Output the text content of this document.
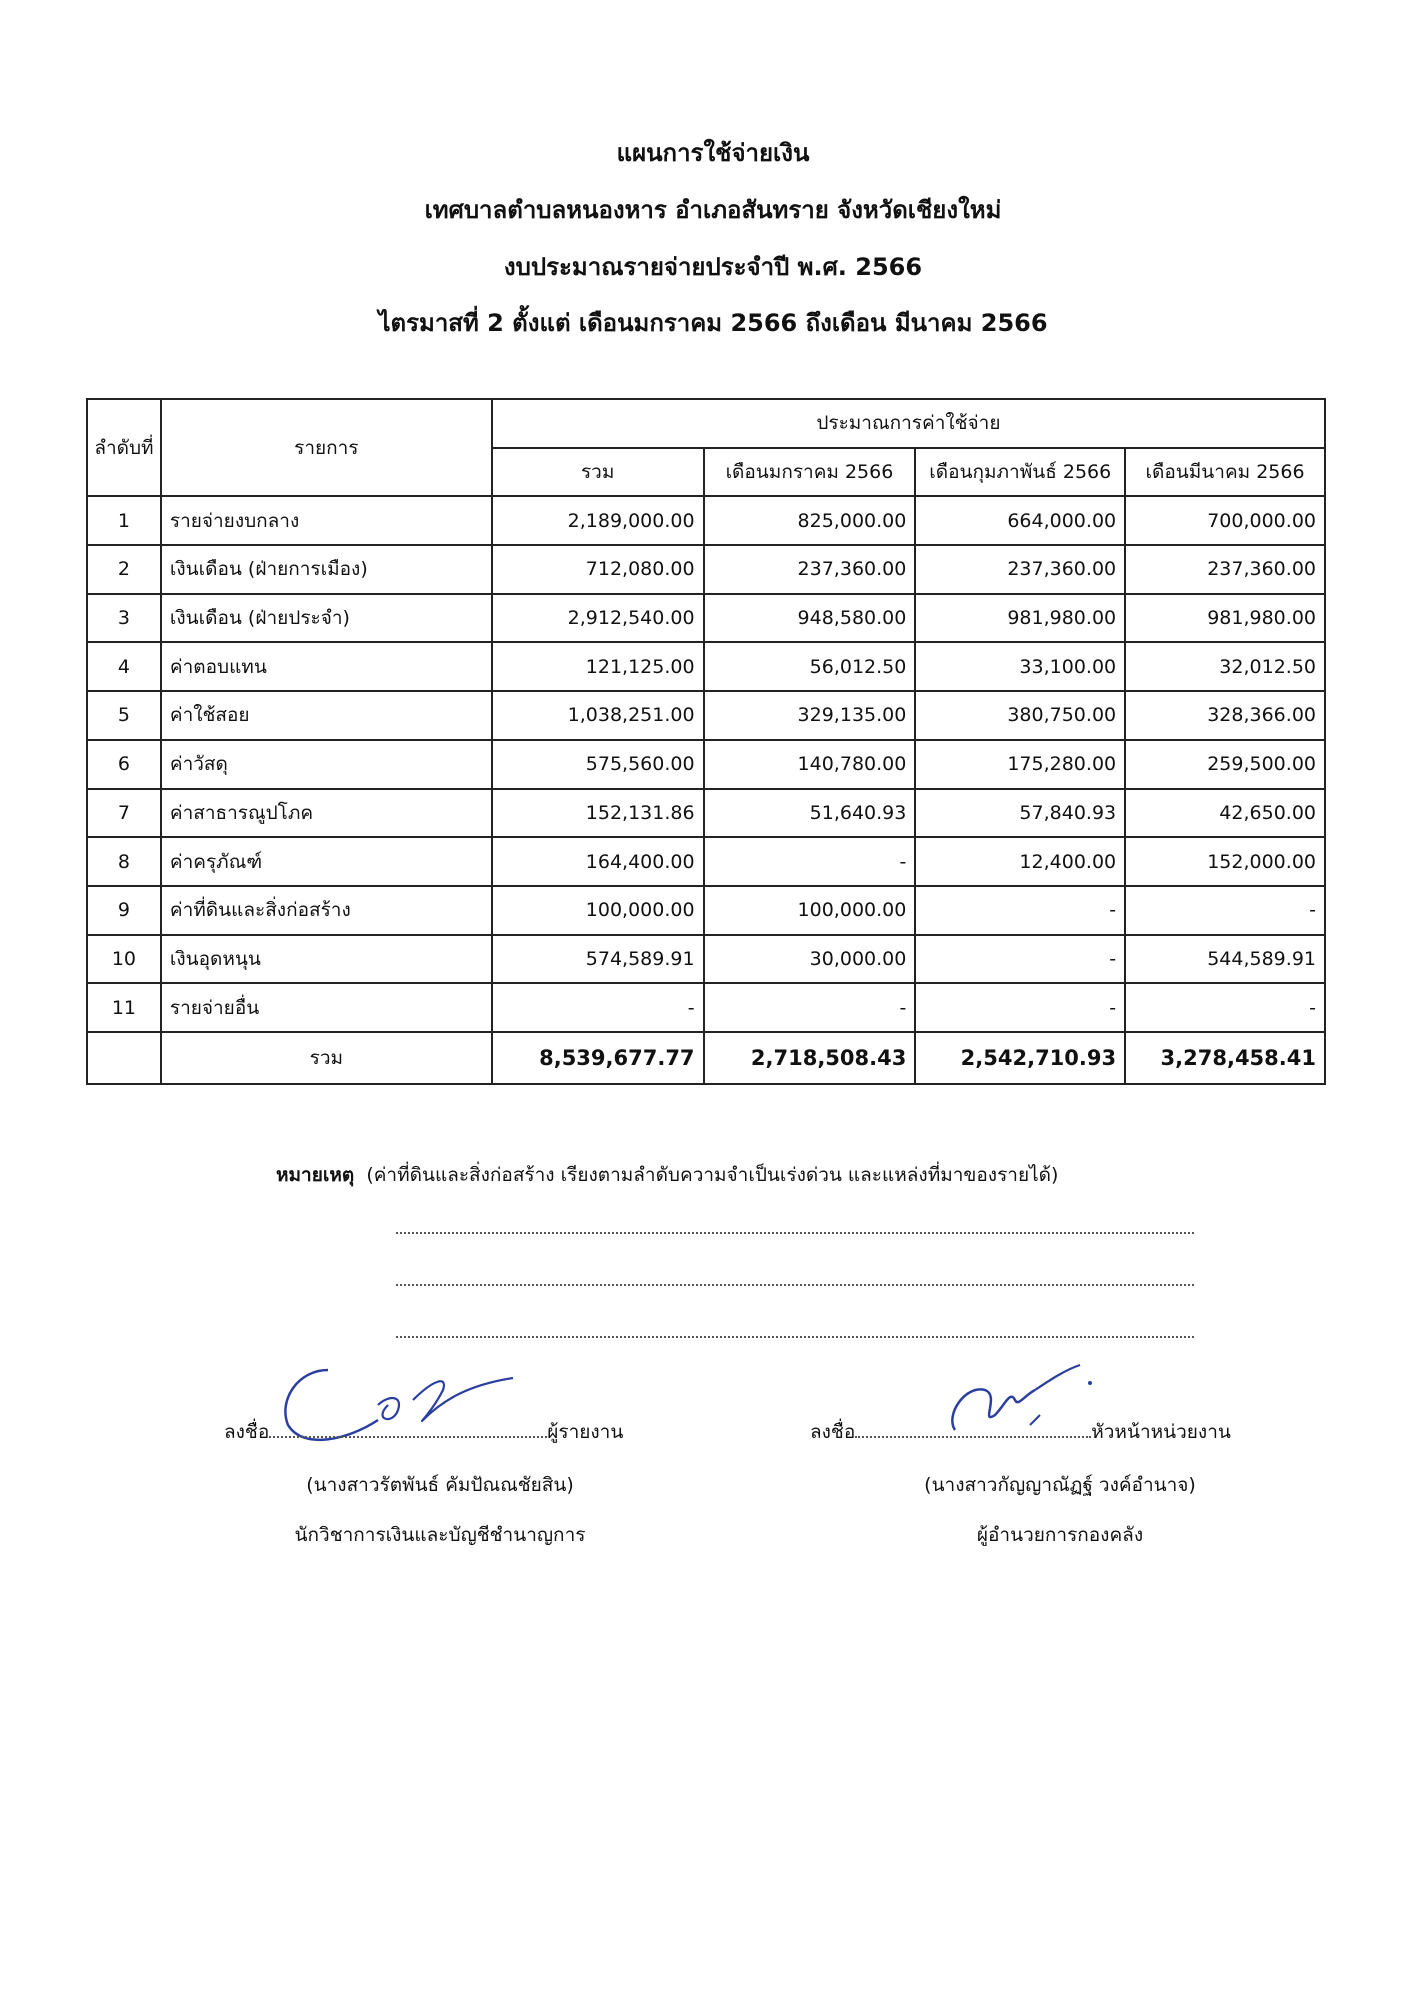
แผนการใช้จ่ายเงิน
เทศบาลตำบลหนองหาร อำเภอสันทราย จังหวัดเชียงใหม่
งบประมาณรายจ่ายประจำปี พ.ศ. 2566
ไตรมาสที่ 2 ตั้งแต่ เดือนมกราคม 2566 ถึงเดือน มีนาคม 2566
ลำดับที่	รายการ	ประมาณการค่าใช้จ่าย			
		รวม	เดือนมกราคม 2566	เดือนกุมภาพันธ์ 2566	เดือนมีนาคม 2566
1	รายจ่ายงบกลาง	2,189,000.00	825,000.00	664,000.00	700,000.00
2	เงินเดือน (ฝ่ายการเมือง)	712,080.00	237,360.00	237,360.00	237,360.00
3	เงินเดือน (ฝ่ายประจำ)	2,912,540.00	948,580.00	981,980.00	981,980.00
4	ค่าตอบแทน	121,125.00	56,012.50	33,100.00	32,012.50
5	ค่าใช้สอย	1,038,251.00	329,135.00	380,750.00	328,366.00
6	ค่าวัสดุ	575,560.00	140,780.00	175,280.00	259,500.00
7	ค่าสาธารณูปโภค	152,131.86	51,640.93	57,840.93	42,650.00
8	ค่าครุภัณฑ์	164,400.00	-	12,400.00	152,000.00
9	ค่าที่ดินและสิ่งก่อสร้าง	100,000.00	100,000.00	-	-
10	เงินอุดหนุน	574,589.91	30,000.00	-	544,589.91
11	รายจ่ายอื่น	-	-	-	-
	รวม	8,539,677.77	2,718,508.43	2,542,710.93	3,278,458.41
หมายเหตุ (ค่าที่ดินและสิ่งก่อสร้าง เรียงตามลำดับความจำเป็นเร่งด่วน และแหล่งที่มาของรายได้)
ลงชื่อ	ผู้รายงาน
(นางสาวรัตพันธ์ คัมปัณณชัยสิน)
นักวิชาการเงินและบัญชีชำนาญการ
ลงชื่อ	หัวหน้าหน่วยงาน
(นางสาวกัญญาณัฏฐ์ วงค์อำนาจ)
ผู้อำนวยการกองคลัง
